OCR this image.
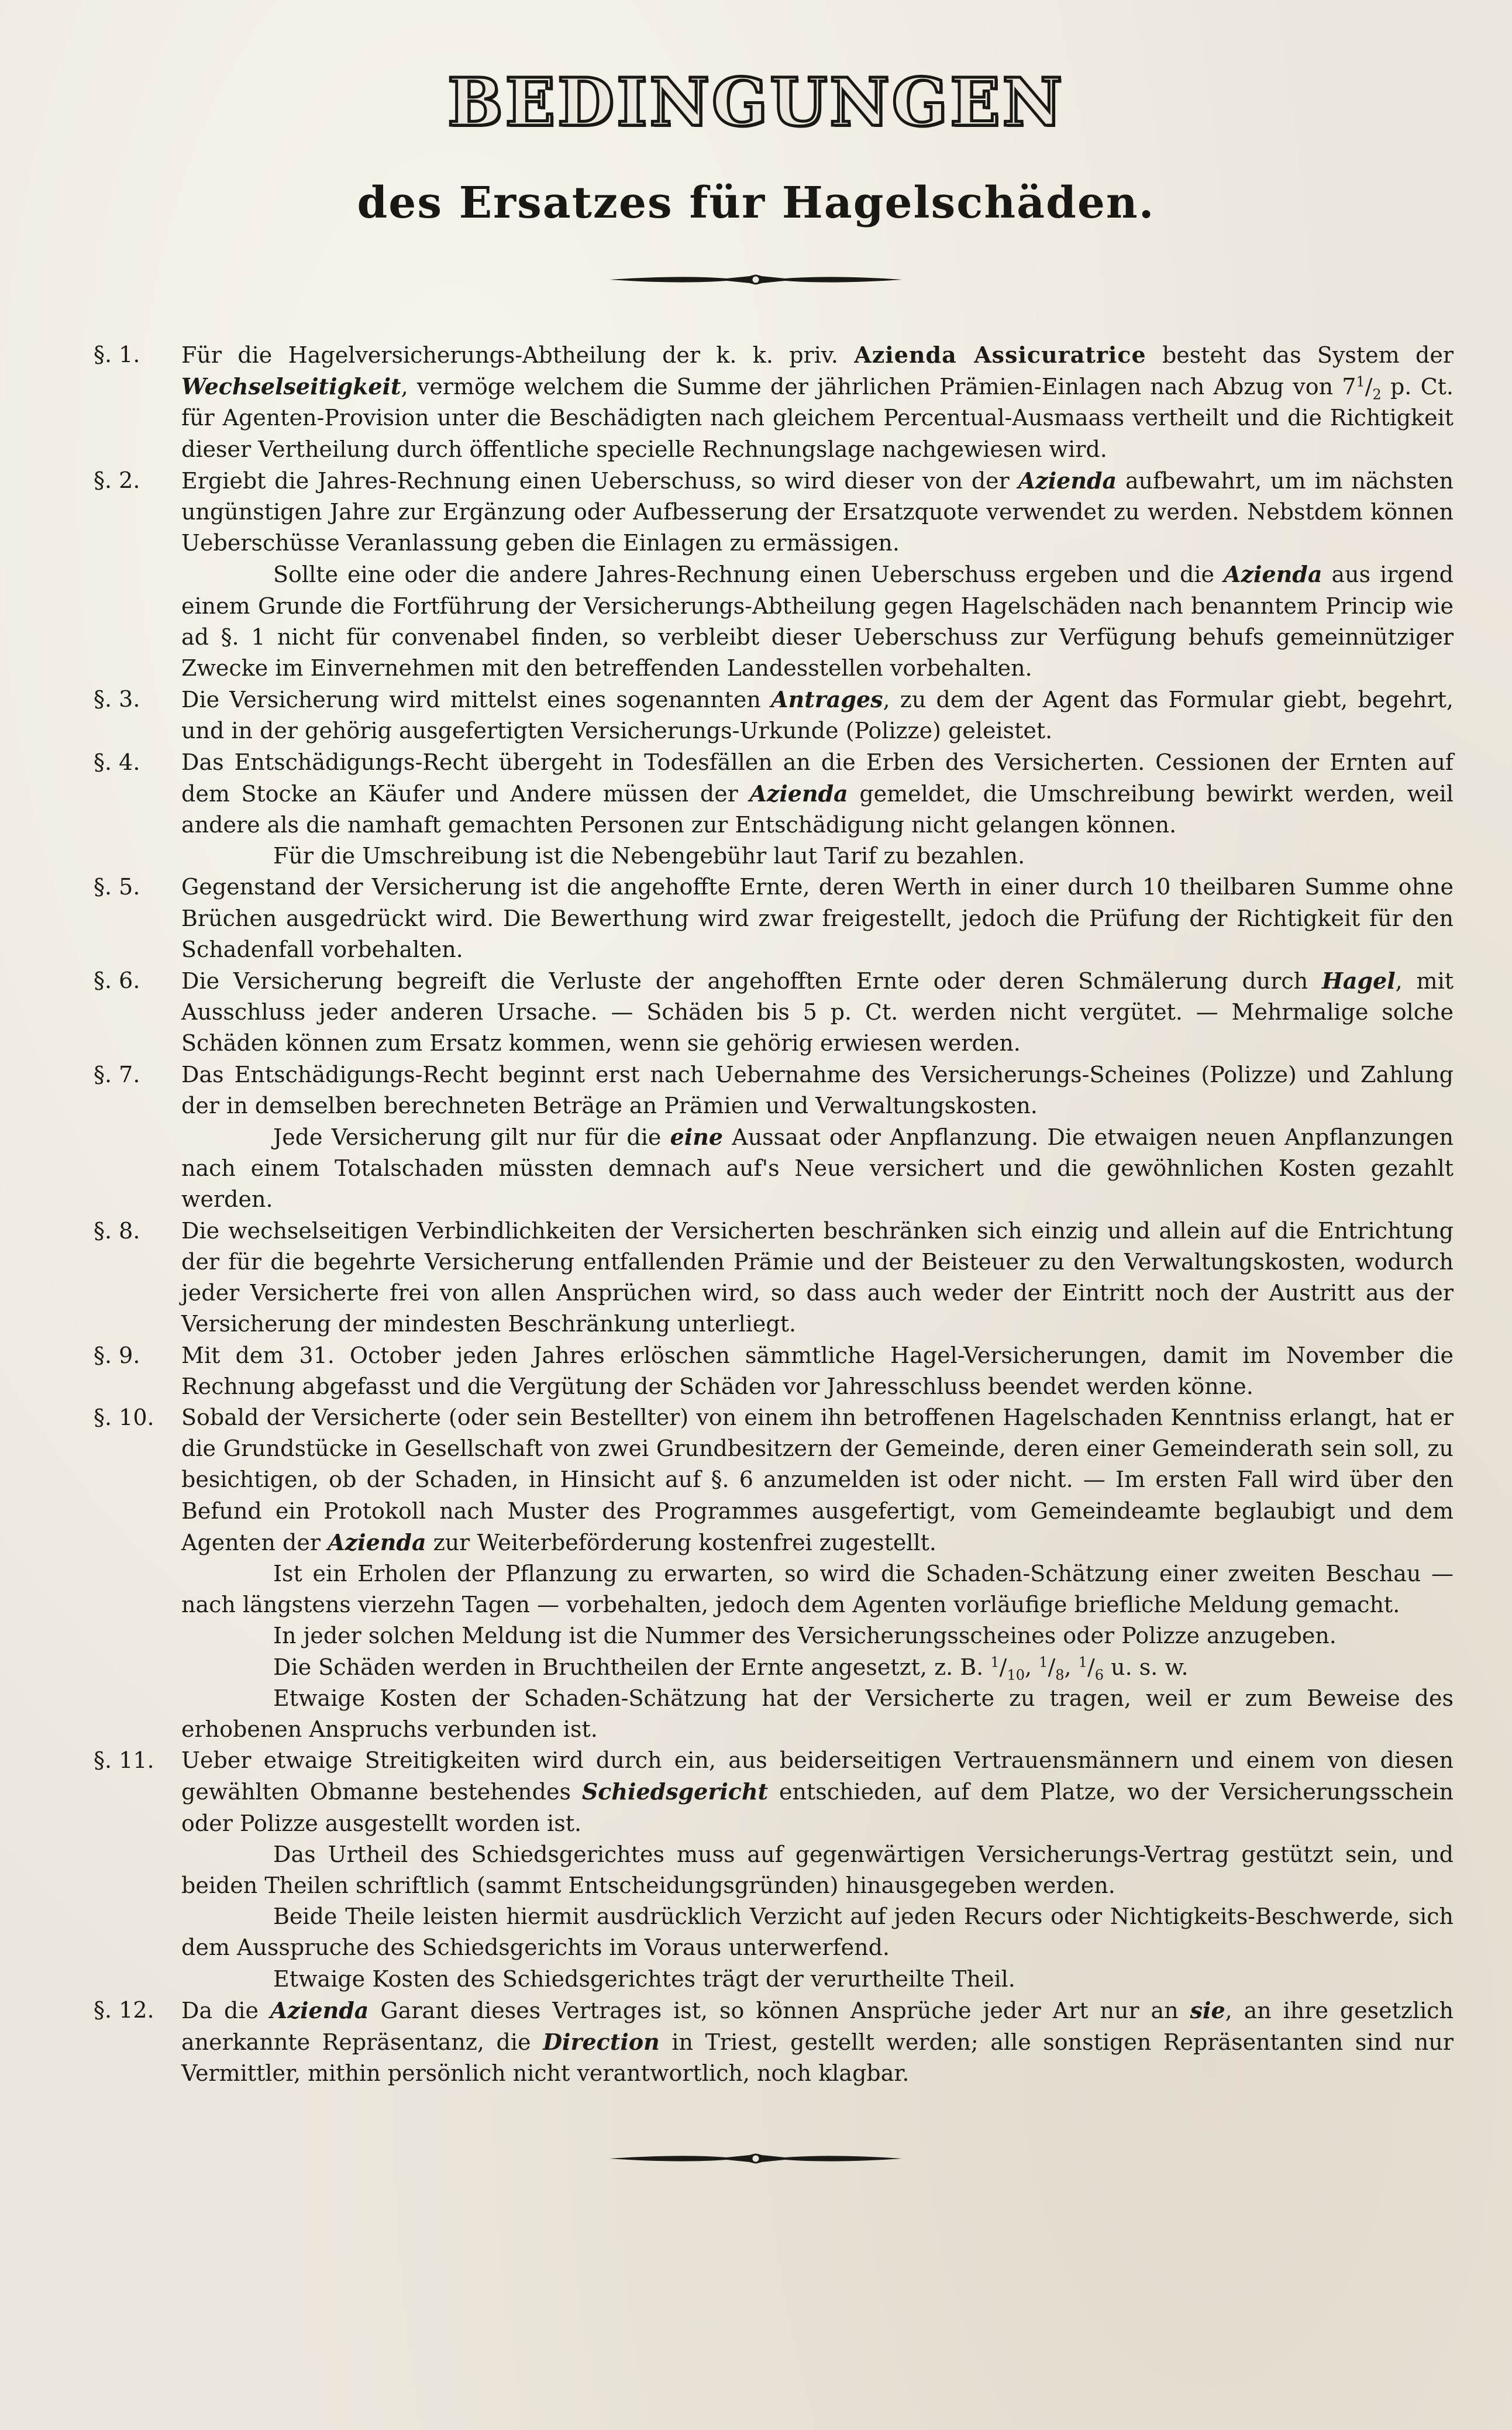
BEDINGUNGEN
des Ersatzes für Hagelschäden.
§. 1.	Für die Hagelversicherungs-Abtheilung der k. k. priv. Azienda Assicuratrice besteht das System der Wechselseitigkeit, vermöge welchem die Summe der jährlichen Prämien-Einlagen nach Abzug von $7^1/_2$ p. Ct. für Agenten-Provision unter die Beschädigten nach gleichem Percentual-Ausmaass vertheilt und die Richtigkeit dieser Vertheilung durch öffentliche specielle Rechnungslage nachgewiesen wird.
§. 2.	Ergiebt die Jahres-Rechnung einen Ueberschuss, so wird dieser von der Azienda aufbewahrt, um im nächsten ungünstigen Jahre zur Ergänzung oder Aufbesserung der Ersatzquote verwendet zu werden. Nebstdem können Ueberschüsse Veranlassung geben die Einlagen zu ermässigen.
Sollte eine oder die andere Jahres-Rechnung einen Ueberschuss ergeben und die Azienda aus irgend einem Grunde die Fortführung der Versicherungs-Abtheilung gegen Hagelschäden nach benanntem Princip wie ad §. 1 nicht für convenabel finden, so verbleibt dieser Ueberschuss zur Verfügung behufs gemeinnütziger Zwecke im Einvernehmen mit den betreffenden Landesstellen vorbehalten.
§. 3.	Die Versicherung wird mittelst eines sogenannten Antrages, zu dem der Agent das Formular giebt, begehrt, und in der gehörig ausgefertigten Versicherungs-Urkunde (Polizze) geleistet.
§. 4.	Das Entschädigungs-Recht übergeht in Todesfällen an die Erben des Versicherten. Cessionen der Ernten auf dem Stocke an Käufer und Andere müssen der Azienda gemeldet, die Umschreibung bewirkt werden, weil andere als die namhaft gemachten Personen zur Entschädigung nicht gelangen können.
Für die Umschreibung ist die Nebengebühr laut Tarif zu bezahlen.
§. 5.	Gegenstand der Versicherung ist die angehoffte Ernte, deren Werth in einer durch 10 theilbaren Summe ohne Brüchen ausgedrückt wird. Die Bewerthung wird zwar freigestellt, jedoch die Prüfung der Richtigkeit für den Schadenfall vorbehalten.
§. 6.	Die Versicherung begreift die Verluste der angehofften Ernte oder deren Schmälerung durch Hagel, mit Ausschluss jeder anderen Ursache. — Schäden bis 5 p. Ct. werden nicht vergütet. — Mehrmalige solche Schäden können zum Ersatz kommen, wenn sie gehörig erwiesen werden.
§. 7.	Das Entschädigungs-Recht beginnt erst nach Uebernahme des Versicherungs-Scheines (Polizze) und Zahlung der in demselben berechneten Beträge an Prämien und Verwaltungskosten.
Jede Versicherung gilt nur für die eine Aussaat oder Anpflanzung. Die etwaigen neuen Anpflanzungen nach einem Totalschaden müssten demnach auf's Neue versichert und die gewöhnlichen Kosten gezahlt werden.
§. 8.	Die wechselseitigen Verbindlichkeiten der Versicherten beschränken sich einzig und allein auf die Entrichtung der für die begehrte Versicherung entfallenden Prämie und der Beisteuer zu den Verwaltungskosten, wodurch jeder Versicherte frei von allen Ansprüchen wird, so dass auch weder der Eintritt noch der Austritt aus der Versicherung der mindesten Beschränkung unterliegt.
§. 9.	Mit dem 31. October jeden Jahres erlöschen sämmtliche Hagel-Versicherungen, damit im November die Rechnung abgefasst und die Vergütung der Schäden vor Jahresschluss beendet werden könne.
§. 10.	Sobald der Versicherte (oder sein Bestellter) von einem ihn betroffenen Hagelschaden Kenntniss erlangt, hat er die Grundstücke in Gesellschaft von zwei Grundbesitzern der Gemeinde, deren einer Gemeinderath sein soll, zu besichtigen, ob der Schaden, in Hinsicht auf §. 6 anzumelden ist oder nicht. — Im ersten Fall wird über den Befund ein Protokoll nach Muster des Programmes ausgefertigt, vom Gemeindeamte beglaubigt und dem Agenten der Azienda zur Weiterbeförderung kostenfrei zugestellt.
Ist ein Erholen der Pflanzung zu erwarten, so wird die Schaden-Schätzung einer zweiten Beschau — nach längstens vierzehn Tagen — vorbehalten, jedoch dem Agenten vorläufige briefliche Meldung gemacht.
In jeder solchen Meldung ist die Nummer des Versicherungsscheines oder Polizze anzugeben.
Die Schäden werden in Bruchtheilen der Ernte angesetzt, z. B. $^1/_{10}$, $^1/_8$, $^1/_6$ u. s. w.
Etwaige Kosten der Schaden-Schätzung hat der Versicherte zu tragen, weil er zum Beweise des erhobenen Anspruchs verbunden ist.
§. 11.	Ueber etwaige Streitigkeiten wird durch ein, aus beiderseitigen Vertrauensmännern und einem von diesen gewählten Obmanne bestehendes Schiedsgericht entschieden, auf dem Platze, wo der Versicherungsschein oder Polizze ausgestellt worden ist.
Das Urtheil des Schiedsgerichtes muss auf gegenwärtigen Versicherungs-Vertrag gestützt sein, und beiden Theilen schriftlich (sammt Entscheidungsgründen) hinausgegeben werden.
Beide Theile leisten hiermit ausdrücklich Verzicht auf jeden Recurs oder Nichtigkeits-Beschwerde, sich dem Ausspruche des Schiedsgerichts im Voraus unterwerfend.
Etwaige Kosten des Schiedsgerichtes trägt der verurtheilte Theil.
§. 12.	Da die Azienda Garant dieses Vertrages ist, so können Ansprüche jeder Art nur an sie, an ihre gesetzlich anerkannte Repräsentanz, die Direction in Triest, gestellt werden; alle sonstigen Repräsentanten sind nur Vermittler, mithin persönlich nicht verantwortlich, noch klagbar.
